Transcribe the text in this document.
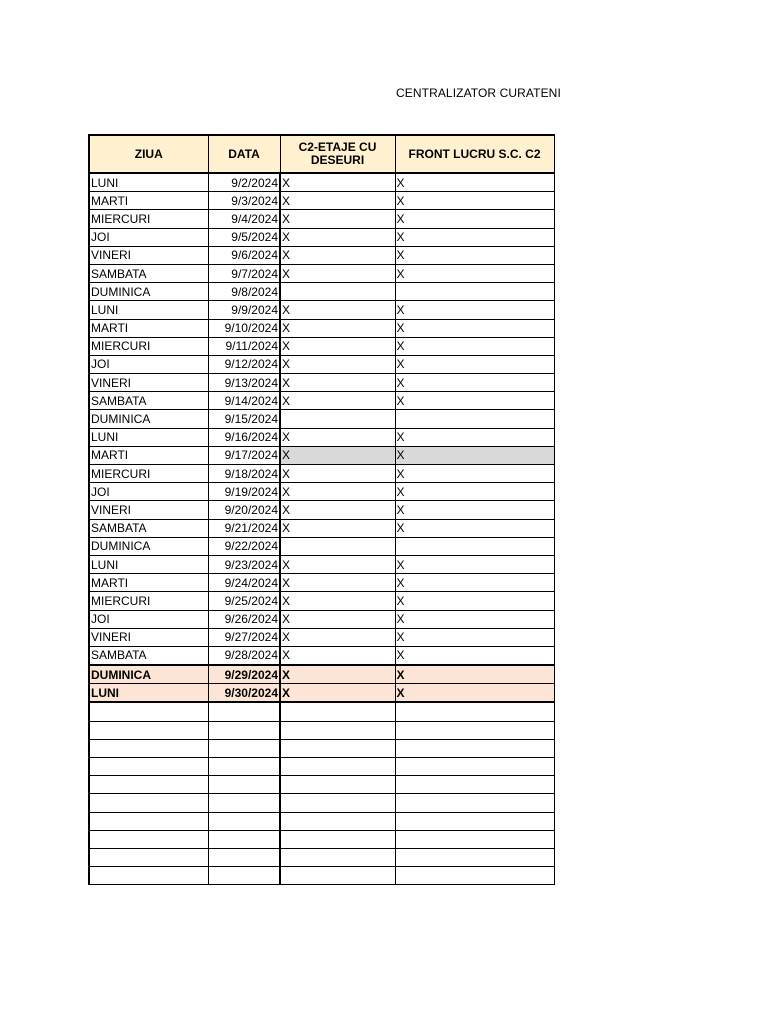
CENTRALIZATOR CURATENI
ZIUA	DATA	C2-ETAJE CU DESEURI	FRONT LUCRU S.C. C2
LUNI	9/2/2024	X	X
MARTI	9/3/2024	X	X
MIERCURI	9/4/2024	X	X
JOI	9/5/2024	X	X
VINERI	9/6/2024	X	X
SAMBATA	9/7/2024	X	X
DUMINICA	9/8/2024		
LUNI	9/9/2024	X	X
MARTI	9/10/2024	X	X
MIERCURI	9/11/2024	X	X
JOI	9/12/2024	X	X
VINERI	9/13/2024	X	X
SAMBATA	9/14/2024	X	X
DUMINICA	9/15/2024		
LUNI	9/16/2024	X	X
MARTI	9/17/2024	X	X
MIERCURI	9/18/2024	X	X
JOI	9/19/2024	X	X
VINERI	9/20/2024	X	X
SAMBATA	9/21/2024	X	X
DUMINICA	9/22/2024		
LUNI	9/23/2024	X	X
MARTI	9/24/2024	X	X
MIERCURI	9/25/2024	X	X
JOI	9/26/2024	X	X
VINERI	9/27/2024	X	X
SAMBATA	9/28/2024	X	X
DUMINICA	9/29/2024	X	X
LUNI	9/30/2024	X	X
